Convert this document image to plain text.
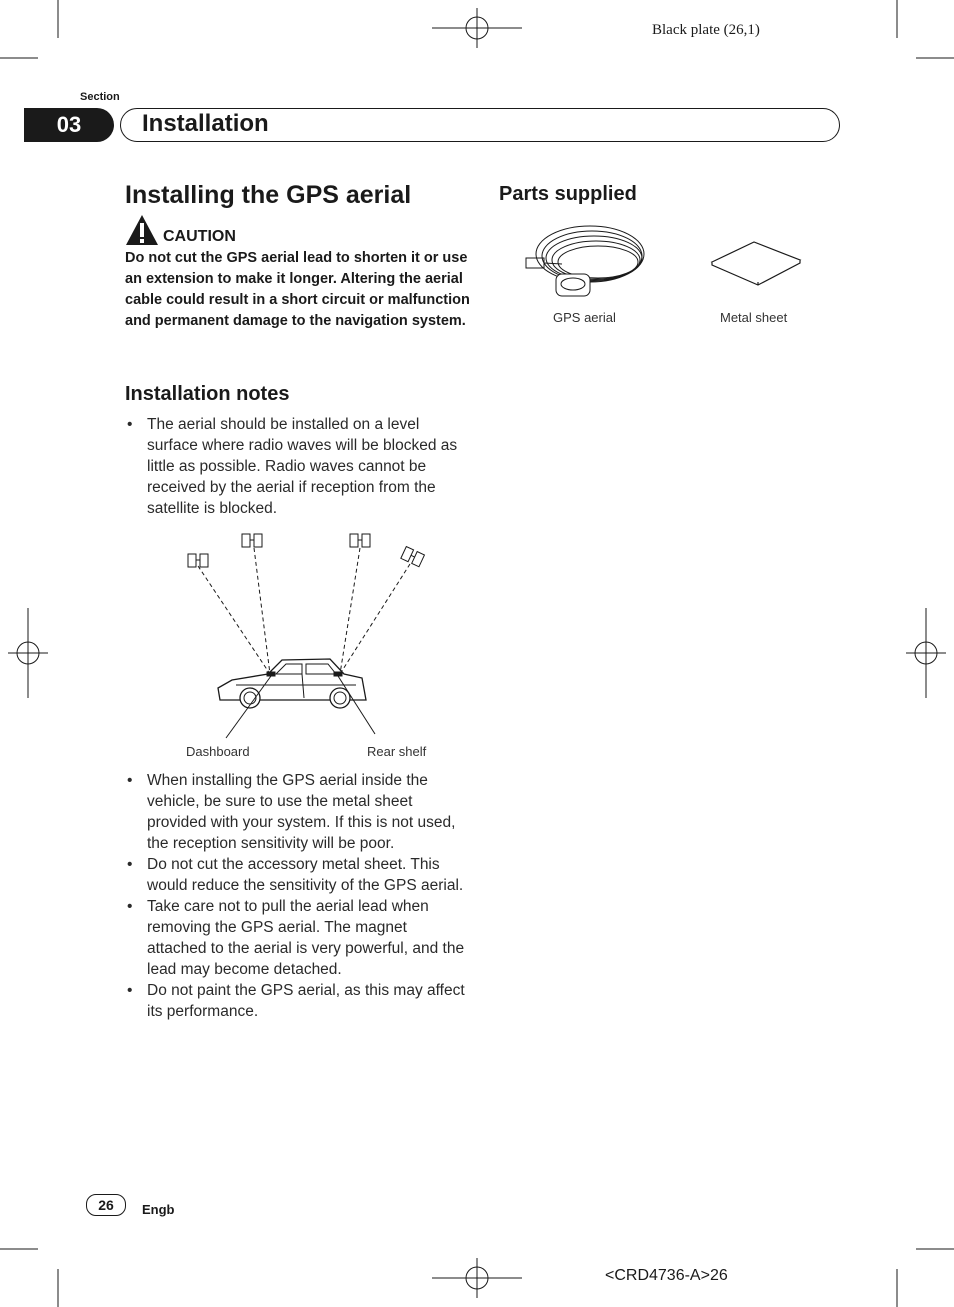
Black plate (26,1)
Section
03	Installation
Installing the GPS aerial
CAUTION
Do not cut the GPS aerial lead to shorten it or use an extension to make it longer. Altering the aerial cable could result in a short circuit or malfunction and permanent damage to the navigation system.
Installation notes
• The aerial should be installed on a level surface where radio waves will be blocked as little as possible. Radio waves cannot be received by the aerial if reception from the satellite is blocked.
Dashboard	Rear shelf
• When installing the GPS aerial inside the vehicle, be sure to use the metal sheet provided with your system. If this is not used, the reception sensitivity will be poor.
• Do not cut the accessory metal sheet. This would reduce the sensitivity of the GPS aerial.
• Take care not to pull the aerial lead when removing the GPS aerial. The magnet attached to the aerial is very powerful, and the lead may become detached.
• Do not paint the GPS aerial, as this may affect its performance.
Parts supplied
GPS aerial	Metal sheet
26	Engb
<CRD4736-A>26
